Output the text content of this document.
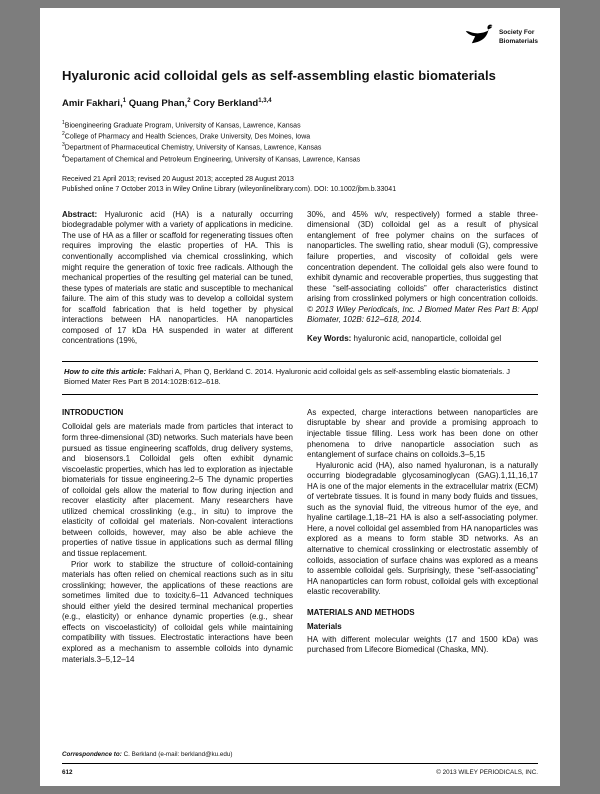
Society For
Biomaterials
Hyaluronic acid colloidal gels as self-assembling elastic biomaterials

Amir Fakhari,$^1$ Quang Phan,$^2$ Cory Berkland$^{1,3,4}$

$^1$Bioengineering Graduate Program, University of Kansas, Lawrence, Kansas

$^2$College of Pharmacy and Health Sciences, Drake University, Des Moines, Iowa

$^3$Department of Pharmaceutical Chemistry, University of Kansas, Lawrence, Kansas

$^4$Departament of Chemical and Petroleum Engineering, University of Kansas, Lawrence, Kansas

Received 21 April 2013; revised 20 August 2013; accepted 28 August 2013

Published online 7 October 2013 in Wiley Online Library (wileyonlinelibrary.com). DOI: 10.1002/jbm.b.33041

Abstract: Hyaluronic acid (HA) is a naturally occurring biodegradable polymer with a variety of applications in medicine. The use of HA as a filler or scaffold for regenerating tissues often requires improving the elastic properties of HA. This is conventionally accomplished via chemical crosslinking, which might require the generation of toxic free radicals. Although the mechanical properties of the resulting gel material can be tuned, these types of materials are static and susceptible to mechanical failure. The aim of this study was to develop a colloidal system for scaffold fabrication that is held together by physical interactions between HA nanoparticles. HA nanoparticles composed of 17 kDa HA suspended in water at different concentrations (19%,

30%, and 45% w/v, respectively) formed a stable three-dimensional (3D) colloidal gel as a result of physical entanglement of free polymer chains on the surfaces of nanoparticles. The swelling ratio, shear moduli (G), compressive failure properties, and viscosity of colloidal gels were concentration dependent. The colloidal gels also were found to exhibit dynamic and recoverable properties, thus suggesting that these “self-associating colloids” offer characteristics distinct arising from crosslinked polymers or high concentration colloids. © 2013 Wiley Periodicals, Inc. J Biomed Mater Res Part B: Appl Biomater, 102B: 612–618, 2014.

Key Words: hyaluronic acid, nanoparticle, colloidal gel

How to cite this article: Fakhari A, Phan Q, Berkland C. 2014. Hyaluronic acid colloidal gels as self-assembling elastic biomaterials. J Biomed Mater Res Part B 2014:102B:612–618.

INTRODUCTION

Colloidal gels are materials made from particles that interact to form three-dimensional (3D) networks. Such materials have been pursued as tissue engineering scaffolds, drug delivery systems, and biosensors.1 Colloidal gels often exhibit dynamic viscoelastic properties, which has led to exploration as injectable biomaterials for tissue engineering.2–5 The dynamic properties of colloidal gels allow the material to flow during injection and recover elasticity after placement. Many researchers have utilized chemical crosslinking (e.g., in situ) to improve the elasticity of colloidal gel materials. Non-covalent interactions between colloids, however, may also be able achieve the properties of native tissue in applications such as dermal filling and tissue replacement.

Prior work to stabilize the structure of colloid-containing materials has often relied on chemical reactions such as in situ crosslinking; however, the applications of these reactions are sometimes limited due to toxicity.6–11 Advanced techniques should either yield the desired terminal mechanical properties (e.g., elasticity) or enhance dynamic properties (e.g., shear effects on viscoelasticity) of colloidal gels while maintaining compatibility with tissues. Electrostatic interactions have been explored as a mechanism to assemble colloids into dynamic materials.3–5,12–14

As expected, charge interactions between nanoparticles are disruptable by shear and provide a promising approach to injectable tissue filling. Less work has been done on other phenomena to drive nanoparticle association such as entanglement of surface chains on colloids.3–5,15

Hyaluronic acid (HA), also named hyaluronan, is a naturally occurring biodegradable glycosaminoglycan (GAG).1,11,16,17 HA is one of the major elements in the extracellular matrix (ECM) of vertebrate tissues. It is found in many body fluids and tissues, such as the synovial fluid, the vitreous humor of the eye, and hyaline cartilage.1,18–21 HA is also a self-associating polymer. Here, a novel colloidal gel assembled from HA nanoparticles was explored as a means to form stable 3D networks. As an alternative to chemical crosslinking or electrostatic assembly of colloids, association of surface chains was explored as a means to assemble colloidal gels. Surprisingly, these “self-associating” HA nanoparticles can form robust, colloidal gels with exceptional elastic recoverability.

MATERIALS AND METHODS
Materials

HA with different molecular weights (17 and 1500 kDa) was purchased from Lifecore Biomedical (Chaska, MN).

Correspondence to: C. Berkland (e-mail: berkland@ku.edu)

612	© 2013 WILEY PERIODICALS, INC.
